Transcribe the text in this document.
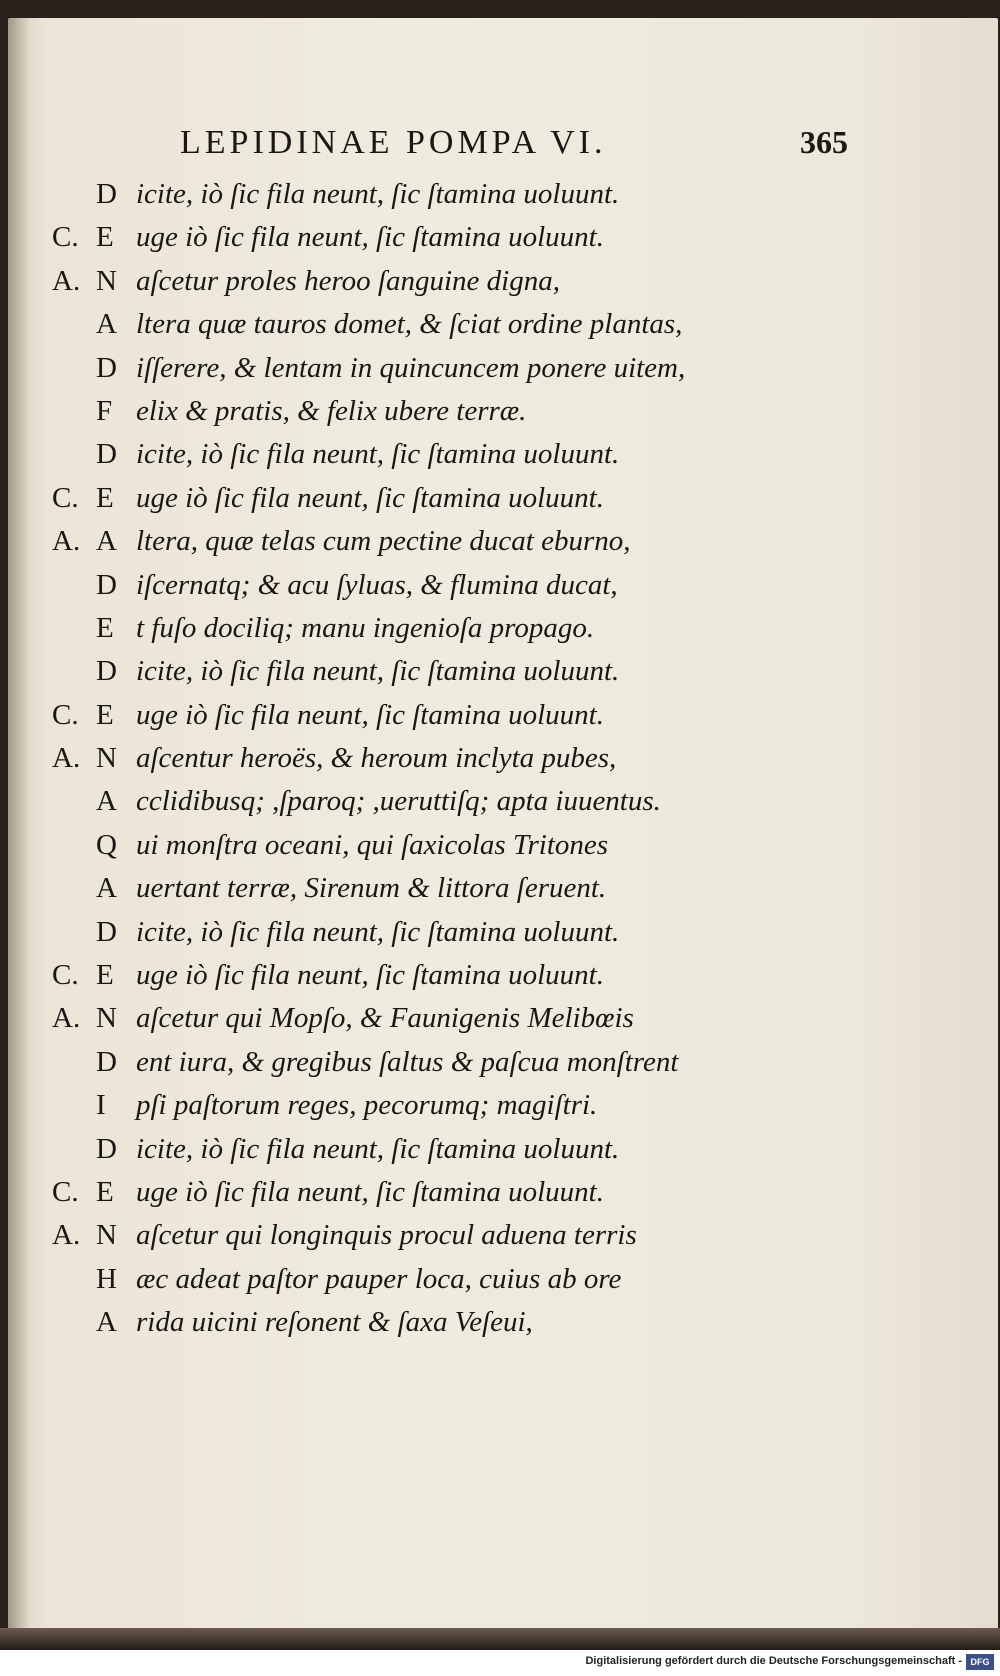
LEPIDINAE POMPA VI.	365
D icite, iò ſic fila neunt, ſic ſtamina uoluunt.
C. E uge iò ſic fila neunt, ſic ſtamina uoluunt.
A. N aſcetur proles heroo ſanguine digna,
A ltera quæ tauros domet, & ſciat ordine plantas,
D iſſerere, & lentam in quincuncem ponere uitem,
F elix & pratis, & felix ubere terræ.
D icite, iò ſic fila neunt, ſic ſtamina uoluunt.
C. E uge iò ſic fila neunt, ſic ſtamina uoluunt.
A. A ltera, quæ telas cum pectine ducat eburno,
D iſcernatq; & acu ſyluas, & flumina ducat,
E t fuſo dociliq; manu ingenioſa propago.
D icite, iò ſic fila neunt, ſic ſtamina uoluunt.
C. E uge iò ſic fila neunt, ſic ſtamina uoluunt.
A. N aſcentur heroës, & heroum inclyta pubes,
A cclidibusq; ,ſparoq; ,ueruttiſq; apta iuuentus.
Q ui monſtra oceani, qui ſaxicolas Tritones
A uertant terræ, Sirenum & littora ſeruent.
D icite, iò ſic fila neunt, ſic ſtamina uoluunt.
C. E uge iò ſic fila neunt, ſic ſtamina uoluunt.
A. N aſcetur qui Mopſo, & Faunigenis Melibœis
D ent iura, & gregibus ſaltus & paſcua monſtrent
I pſi paſtorum reges, pecorumq; magiſtri.
D icite, iò ſic fila neunt, ſic ſtamina uoluunt.
C. E uge iò ſic fila neunt, ſic ſtamina uoluunt.
A. N aſcetur qui longinquis procul aduena terris
H æc adeat paſtor pauper loca, cuius ab ore
A rida uicini reſonent & ſaxa Veſeui,
Digitalisierung gefördert durch die Deutsche Forschungsgemeinschaft - DFG
